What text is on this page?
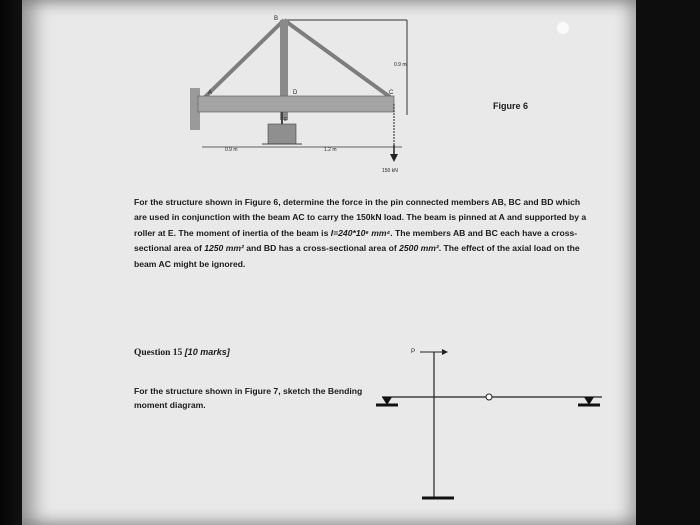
0.9 m
0.9 m	1.2 m
B
A	D	C
E
150 kN
Figure 6
For the structure shown in Figure 6, determine the force in the pin connected members AB, BC and BD which are used in conjunction with the beam AC to carry the 150kN load. The beam is pinned at A and supported by a roller at E. The moment of inertia of the beam is I=240*10⁶ mm⁴. The members AB and BC each have a cross-sectional area of 1250 mm² and BD has a cross-sectional area of 2500 mm². The effect of the axial load on the beam AC might be ignored.
Question 15 [10 marks]
For the structure shown in Figure 7, sketch the Bending moment diagram.
P
